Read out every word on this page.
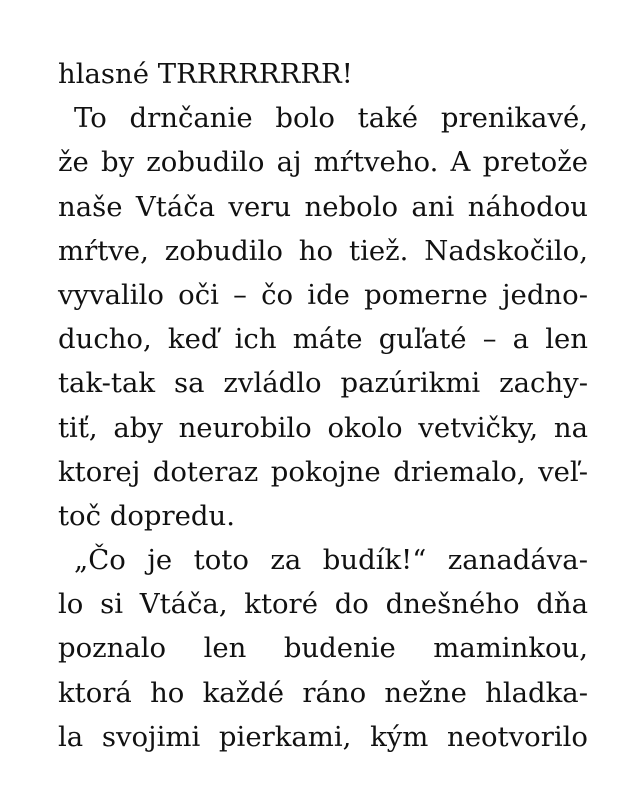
hlasné TRRRRRRRR!
To drnčanie bolo také prenikavé,
že by zobudilo aj mŕtveho. A pretože
naše Vtáča veru nebolo ani náhodou
mŕtve, zobudilo ho tiež. Nadskočilo,
vyvalilo oči – čo ide pomerne jedno-
ducho, keď ich máte guľaté – a len
tak-tak sa zvládlo pazúrikmi zachy-
tiť, aby neurobilo okolo vetvičky, na
ktorej doteraz pokojne driemalo, veľ-
toč dopredu.
„Čo je toto za budík!“ zanadáva-
lo si Vtáča, ktoré do dnešného dňa
poznalo len budenie maminkou,
ktorá ho každé ráno nežne hladka-
la svojimi pierkami, kým neotvorilo
